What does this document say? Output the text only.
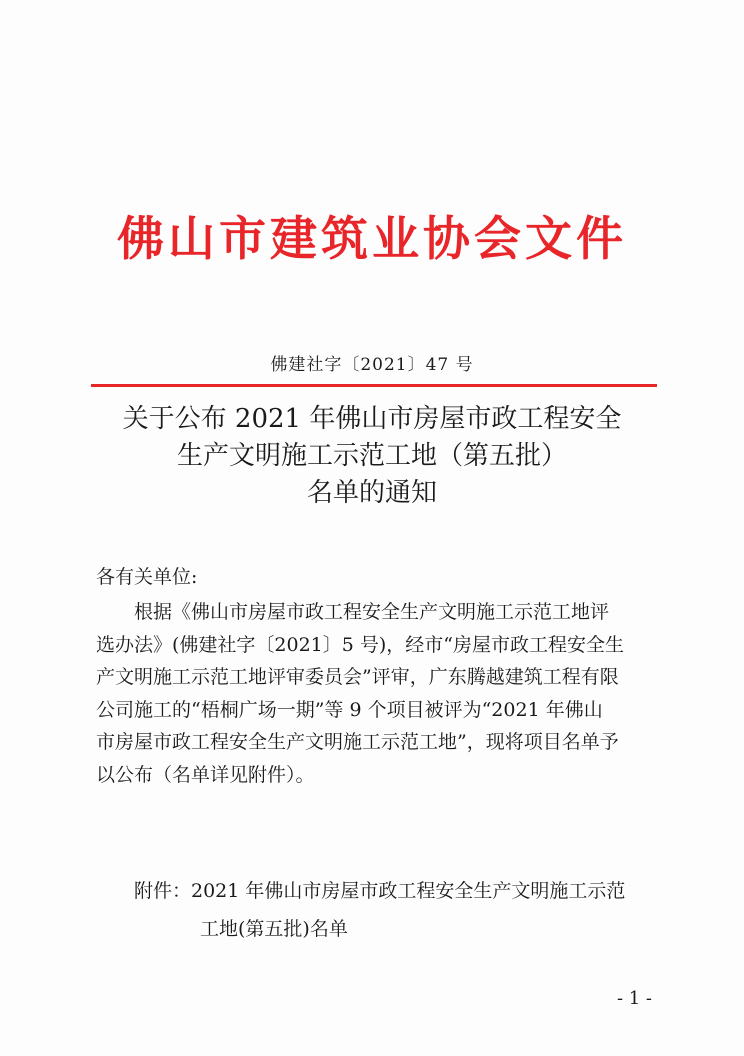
佛山市建筑业协会文件
佛建社字〔2021〕47 号
关于公布 2021 年佛山市房屋市政工程安全
生产文明施工示范工地（第五批）
名单的通知
各有关单位:
根据《佛山市房屋市政工程安全生产文明施工示范工地评
选办法》(佛建社字〔2021〕5 号)，经市“房屋市政工程安全生
产文明施工示范工地评审委员会”评审，广东腾越建筑工程有限
公司施工的“梧桐广场一期”等 9 个项目被评为“2021 年佛山
市房屋市政工程安全生产文明施工示范工地”，现将项目名单予
以公布（名单详见附件）。
附件：2021 年佛山市房屋市政工程安全生产文明施工示范
工地(第五批)名单
- 1 -
